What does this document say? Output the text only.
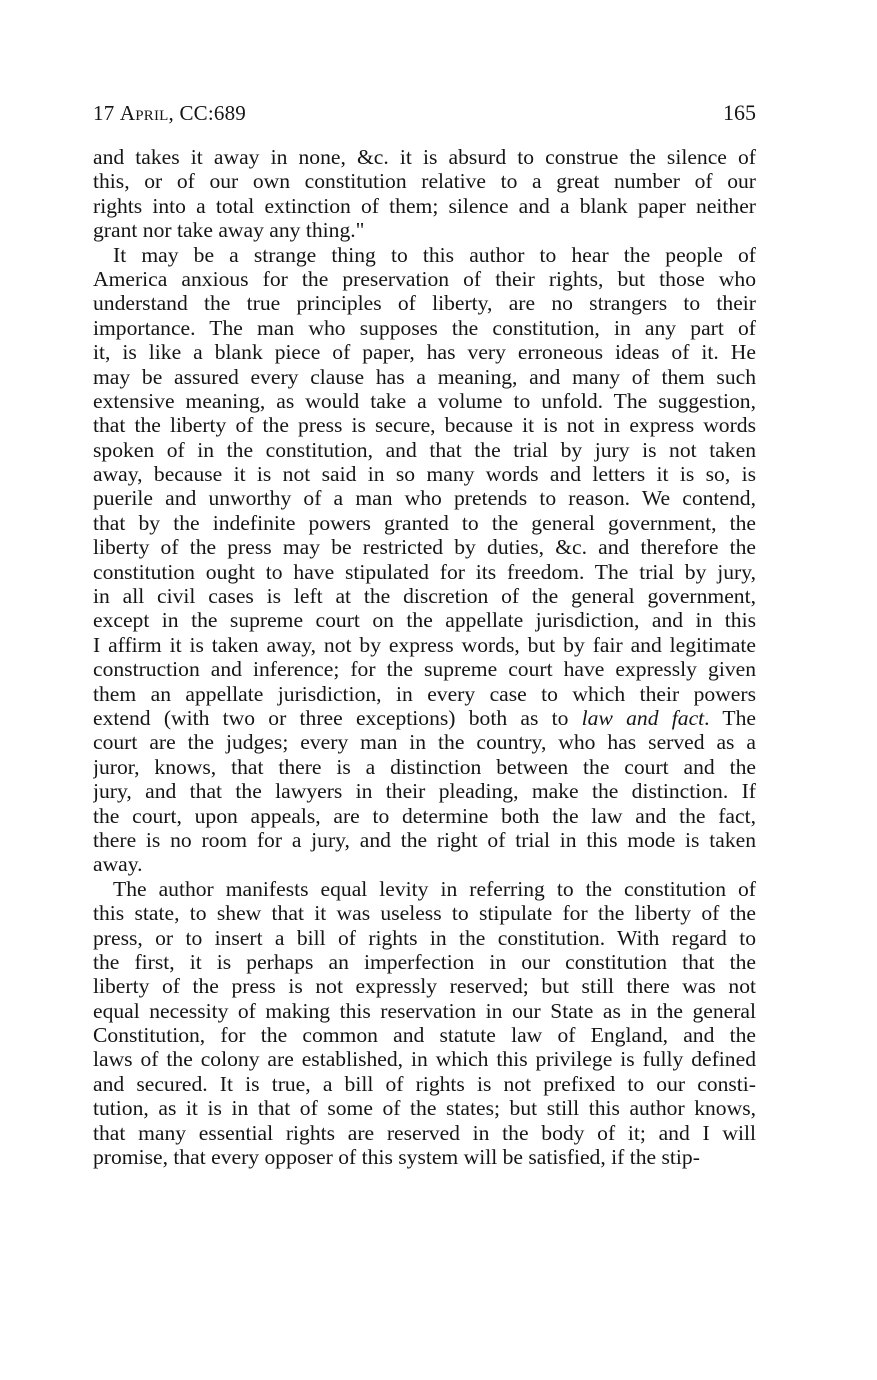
17 April, CC:689	165
and takes it away in none, &c. it is absurd to construe the silence of
this, or of our own constitution relative to a great number of our
rights into a total extinction of them; silence and a blank paper neither
grant nor take away any thing."
It may be a strange thing to this author to hear the people of
America anxious for the preservation of their rights, but those who
understand the true principles of liberty, are no strangers to their
importance. The man who supposes the constitution, in any part of
it, is like a blank piece of paper, has very erroneous ideas of it. He
may be assured every clause has a meaning, and many of them such
extensive meaning, as would take a volume to unfold. The suggestion,
that the liberty of the press is secure, because it is not in express words
spoken of in the constitution, and that the trial by jury is not taken
away, because it is not said in so many words and letters it is so, is
puerile and unworthy of a man who pretends to reason. We contend,
that by the indefinite powers granted to the general government, the
liberty of the press may be restricted by duties, &c. and therefore the
constitution ought to have stipulated for its freedom. The trial by jury,
in all civil cases is left at the discretion of the general government,
except in the supreme court on the appellate jurisdiction, and in this
I affirm it is taken away, not by express words, but by fair and legitimate
construction and inference; for the supreme court have expressly given
them an appellate jurisdiction, in every case to which their powers
extend (with two or three exceptions) both as to law and fact. The
court are the judges; every man in the country, who has served as a
juror, knows, that there is a distinction between the court and the
jury, and that the lawyers in their pleading, make the distinction. If
the court, upon appeals, are to determine both the law and the fact,
there is no room for a jury, and the right of trial in this mode is taken
away.
The author manifests equal levity in referring to the constitution of
this state, to shew that it was useless to stipulate for the liberty of the
press, or to insert a bill of rights in the constitution. With regard to
the first, it is perhaps an imperfection in our constitution that the
liberty of the press is not expressly reserved; but still there was not
equal necessity of making this reservation in our State as in the general
Constitution, for the common and statute law of England, and the
laws of the colony are established, in which this privilege is fully defined
and secured. It is true, a bill of rights is not prefixed to our consti-
tution, as it is in that of some of the states; but still this author knows,
that many essential rights are reserved in the body of it; and I will
promise, that every opposer of this system will be satisfied, if the stip-
